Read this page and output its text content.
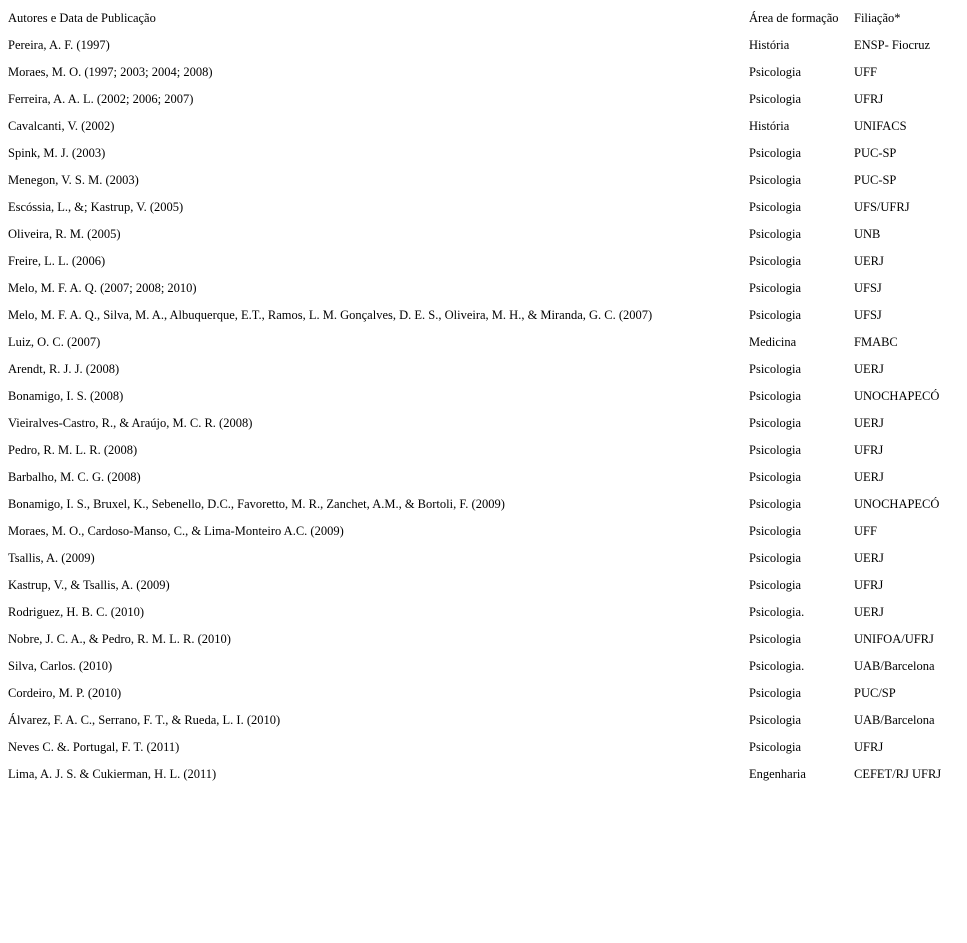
Autores e Data de Publicação	Área de formação	Filiação*
Pereira, A. F. (1997)	História	ENSP- Fiocruz
Moraes, M. O. (1997; 2003; 2004; 2008)	Psicologia	UFF
Ferreira, A. A. L. (2002; 2006; 2007)	Psicologia	UFRJ
Cavalcanti, V. (2002)	História	UNIFACS
Spink, M. J. (2003)	Psicologia	PUC-SP
Menegon, V. S. M. (2003)	Psicologia	PUC-SP
Escóssia, L., &; Kastrup, V. (2005)	Psicologia	UFS/UFRJ
Oliveira, R. M. (2005)	Psicologia	UNB
Freire, L. L. (2006)	Psicologia	UERJ
Melo, M. F. A. Q. (2007; 2008; 2010)	Psicologia	UFSJ
Melo, M. F. A. Q., Silva, M. A., Albuquerque, E.T., Ramos, L. M. Gonçalves, D. E. S., Oliveira, M. H., & Miranda, G. C. (2007)	Psicologia	UFSJ
Luiz, O. C. (2007)	Medicina	FMABC
Arendt, R. J. J. (2008)	Psicologia	UERJ
Bonamigo, I. S. (2008)	Psicologia	UNOCHAPECÓ
Vieiralves-Castro, R., & Araújo, M. C. R. (2008)	Psicologia	UERJ
Pedro, R. M. L. R. (2008)	Psicologia	UFRJ
Barbalho, M. C. G. (2008)	Psicologia	UERJ
Bonamigo, I. S., Bruxel, K., Sebenello, D.C., Favoretto, M. R., Zanchet, A.M., & Bortoli, F. (2009)	Psicologia	UNOCHAPECÓ
Moraes, M. O., Cardoso-Manso, C., & Lima-Monteiro A.C. (2009)	Psicologia	UFF
Tsallis, A. (2009)	Psicologia	UERJ
Kastrup, V., & Tsallis, A. (2009)	Psicologia	UFRJ
Rodriguez, H. B. C. (2010)	Psicologia.	UERJ
Nobre, J. C. A., & Pedro, R. M. L. R. (2010)	Psicologia	UNIFOA/UFRJ
Silva, Carlos. (2010)	Psicologia.	UAB/Barcelona
Cordeiro, M. P. (2010)	Psicologia	PUC/SP
Álvarez, F. A. C., Serrano, F. T., & Rueda, L. I. (2010)	Psicologia	UAB/Barcelona
Neves C. &. Portugal, F. T. (2011)	Psicologia	UFRJ
Lima, A. J. S. & Cukierman, H. L. (2011)	Engenharia	CEFET/RJ UFRJ
